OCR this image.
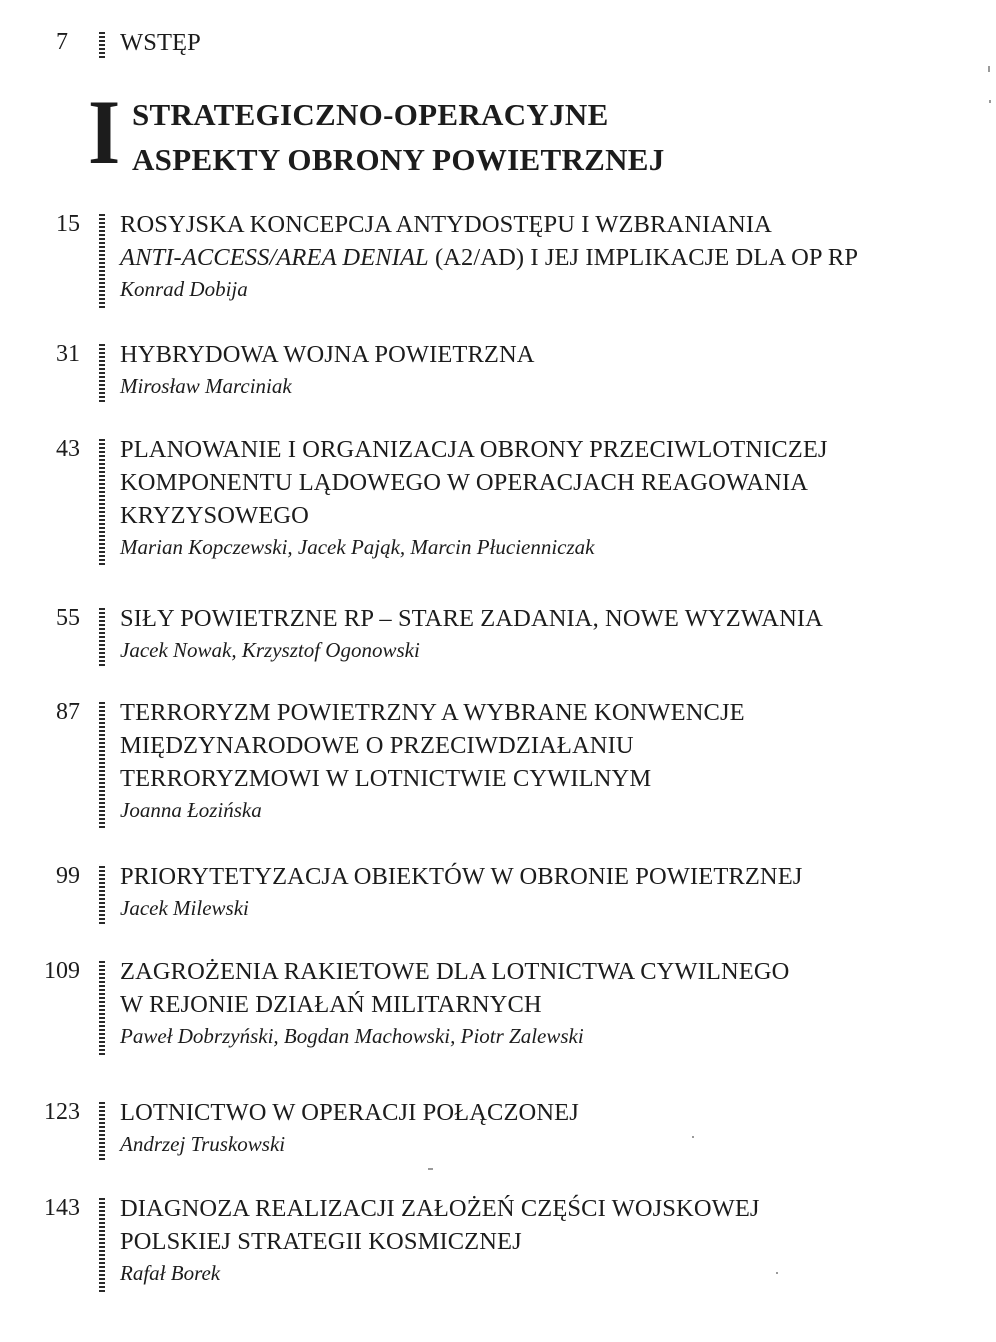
7 WSTĘP
I STRATEGICZNO-OPERACYJNE
ASPEKTY OBRONY POWIETRZNEJ
15 ROSYJSKA KONCEPCJA ANTYDOSTĘPU I WZBRANIANIA
ANTI-ACCESS/AREA DENIAL (A2/AD) I JEJ IMPLIKACJE DLA OP RP
Konrad Dobija
31 HYBRYDOWA WOJNA POWIETRZNA
Mirosław Marciniak
43 PLANOWANIE I ORGANIZACJA OBRONY PRZECIWLOTNICZEJ
KOMPONENTU LĄDOWEGO W OPERACJACH REAGOWANIA
KRYZYSOWEGO
Marian Kopczewski, Jacek Pająk, Marcin Płucienniczak
55 SIŁY POWIETRZNE RP – STARE ZADANIA, NOWE WYZWANIA
Jacek Nowak, Krzysztof Ogonowski
87 TERRORYZM POWIETRZNY A WYBRANE KONWENCJE
MIĘDZYNARODOWE O PRZECIWDZIAŁANIU
TERRORYZMOWI W LOTNICTWIE CYWILNYM
Joanna Łozińska
99 PRIORYTETYZACJA OBIEKTÓW W OBRONIE POWIETRZNEJ
Jacek Milewski
109 ZAGROŻENIA RAKIETOWE DLA LOTNICTWA CYWILNEGO
W REJONIE DZIAŁAŃ MILITARNYCH
Paweł Dobrzyński, Bogdan Machowski, Piotr Zalewski
123 LOTNICTWO W OPERACJI POŁĄCZONEJ
Andrzej Truskowski
143 DIAGNOZA REALIZACJI ZAŁOŻEŃ CZĘŚCI WOJSKOWEJ
POLSKIEJ STRATEGII KOSMICZNEJ
Rafał Borek
